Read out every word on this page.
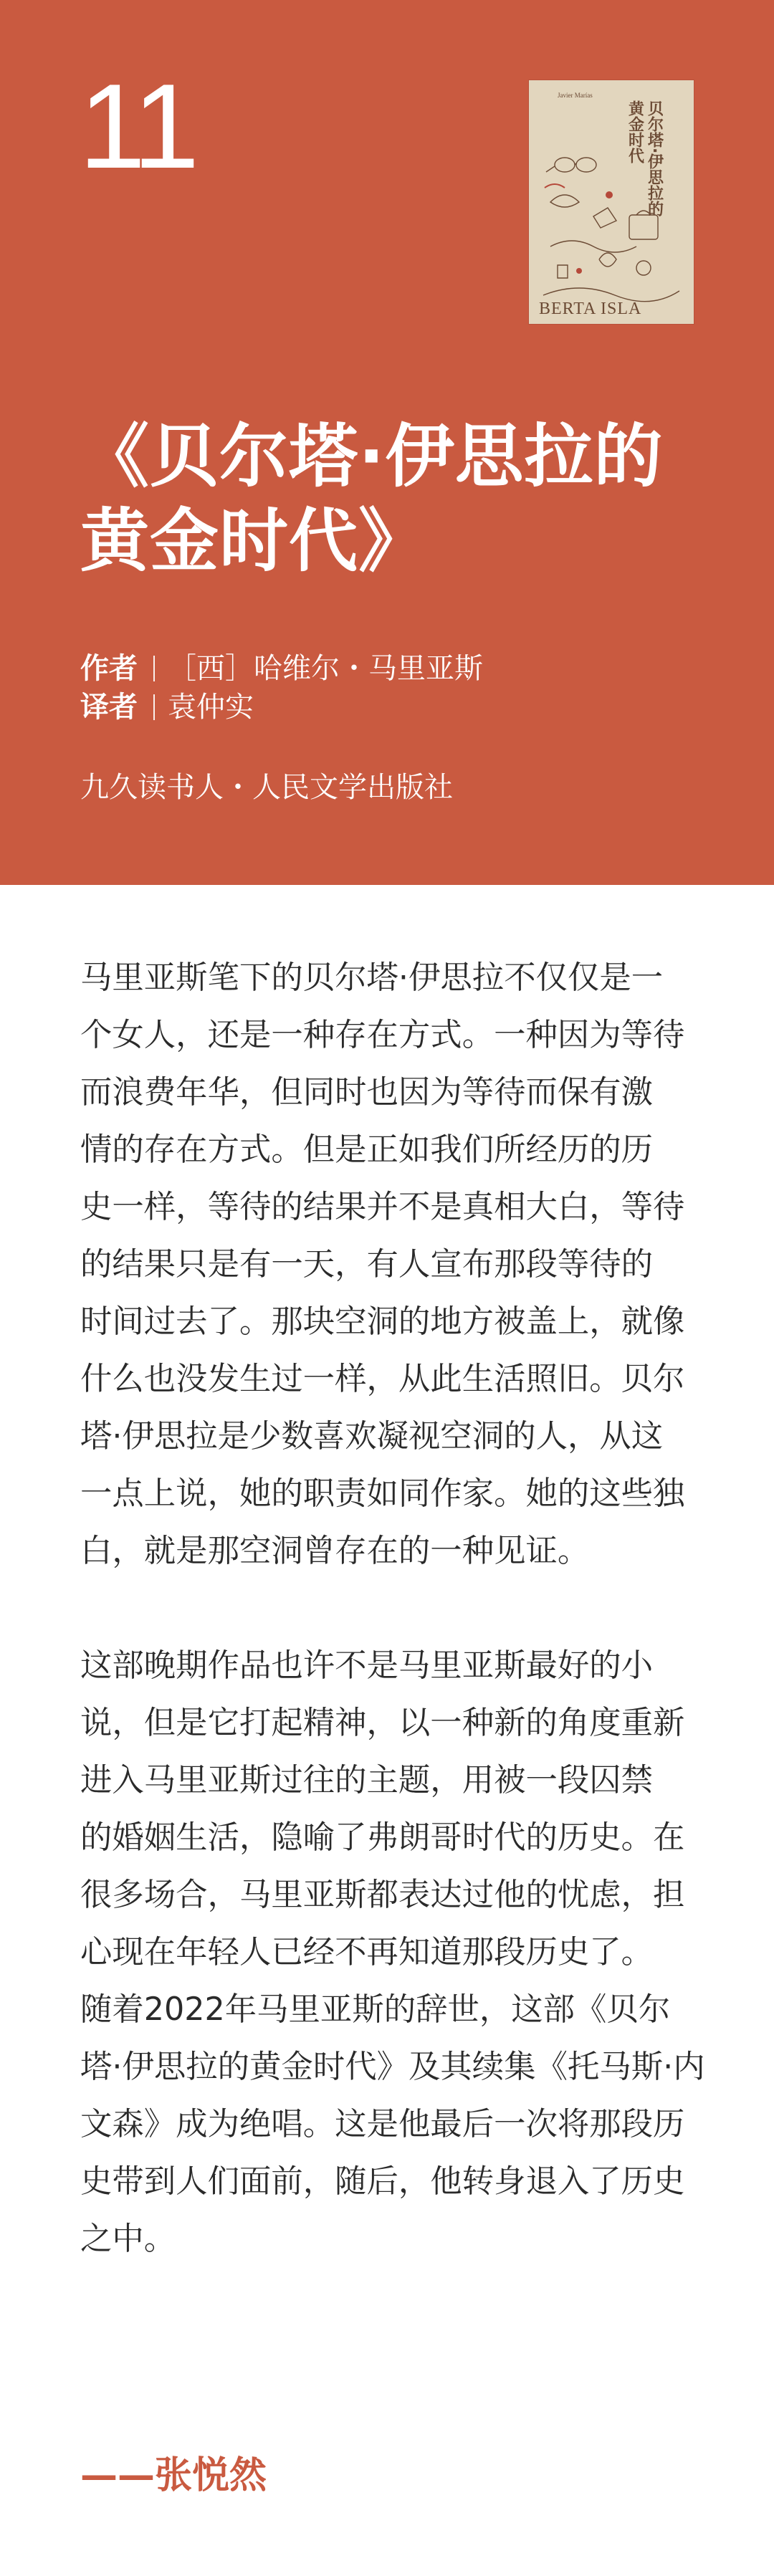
11	Javier Marías
贝尔塔·伊思拉的
黄金时代
BERTA ISLA
《贝尔塔·伊思拉的
黄金时代》
作者 ［西］哈维尔・马里亚斯
译者 袁仲实
九久读书人・人民文学出版社
马里亚斯笔下的贝尔塔·伊思拉不仅仅是一
个女人，还是一种存在方式。一种因为等待
而浪费年华，但同时也因为等待而保有激
情的存在方式。但是正如我们所经历的历
史一样，等待的结果并不是真相大白，等待
的结果只是有一天，有人宣布那段等待的
时间过去了。那块空洞的地方被盖上，就像
什么也没发生过一样，从此生活照旧。贝尔
塔·伊思拉是少数喜欢凝视空洞的人，从这
一点上说，她的职责如同作家。她的这些独
白，就是那空洞曾存在的一种见证。
这部晚期作品也许不是马里亚斯最好的小
说，但是它打起精神，以一种新的角度重新
进入马里亚斯过往的主题，用被一段囚禁
的婚姻生活，隐喻了弗朗哥时代的历史。在
很多场合，马里亚斯都表达过他的忧虑，担
心现在年轻人已经不再知道那段历史了。
随着2022年马里亚斯的辞世，这部《贝尔
塔·伊思拉的黄金时代》及其续集《托马斯·内
文森》成为绝唱。这是他最后一次将那段历
史带到人们面前，随后，他转身退入了历史
之中。
——张悦然
